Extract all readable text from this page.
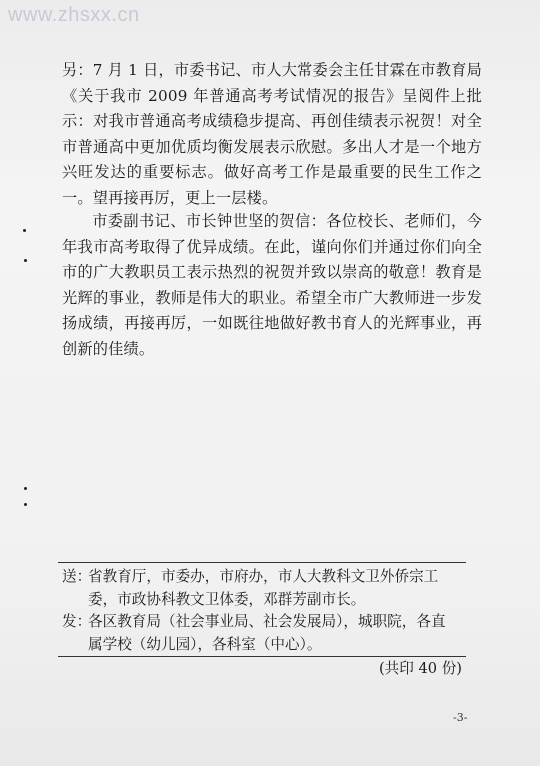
www.zhsxx.cn

另：7 月 1 日，市委书记、市人大常委会主任甘霖在市教育局《关于我市 2009 年普通高考考试情况的报告》呈阅件上批示：对我市普通高考成绩稳步提高、再创佳绩表示祝贺！对全市普通高中更加优质均衡发展表示欣慰。多出人才是一个地方兴旺发达的重要标志。做好高考工作是最重要的民生工作之一。望再接再厉，更上一层楼。

市委副书记、市长钟世坚的贺信：各位校长、老师们，今年我市高考取得了优异成绩。在此，谨向你们并通过你们向全市的广大教职员工表示热烈的祝贺并致以崇高的敬意！教育是光辉的事业，教师是伟大的职业。希望全市广大教师进一步发扬成绩，再接再厉，一如既往地做好教书育人的光辉事业，再创新的佳绩。

送：省教育厅，市委办，市府办，市人大教科文卫外侨宗工
委，市政协科教文卫体委，邓群芳副市长。

发：各区教育局（社会事业局、社会发展局），城职院，各直
属学校（幼儿园），各科室（中心）。

(共印 40 份)
-3-
